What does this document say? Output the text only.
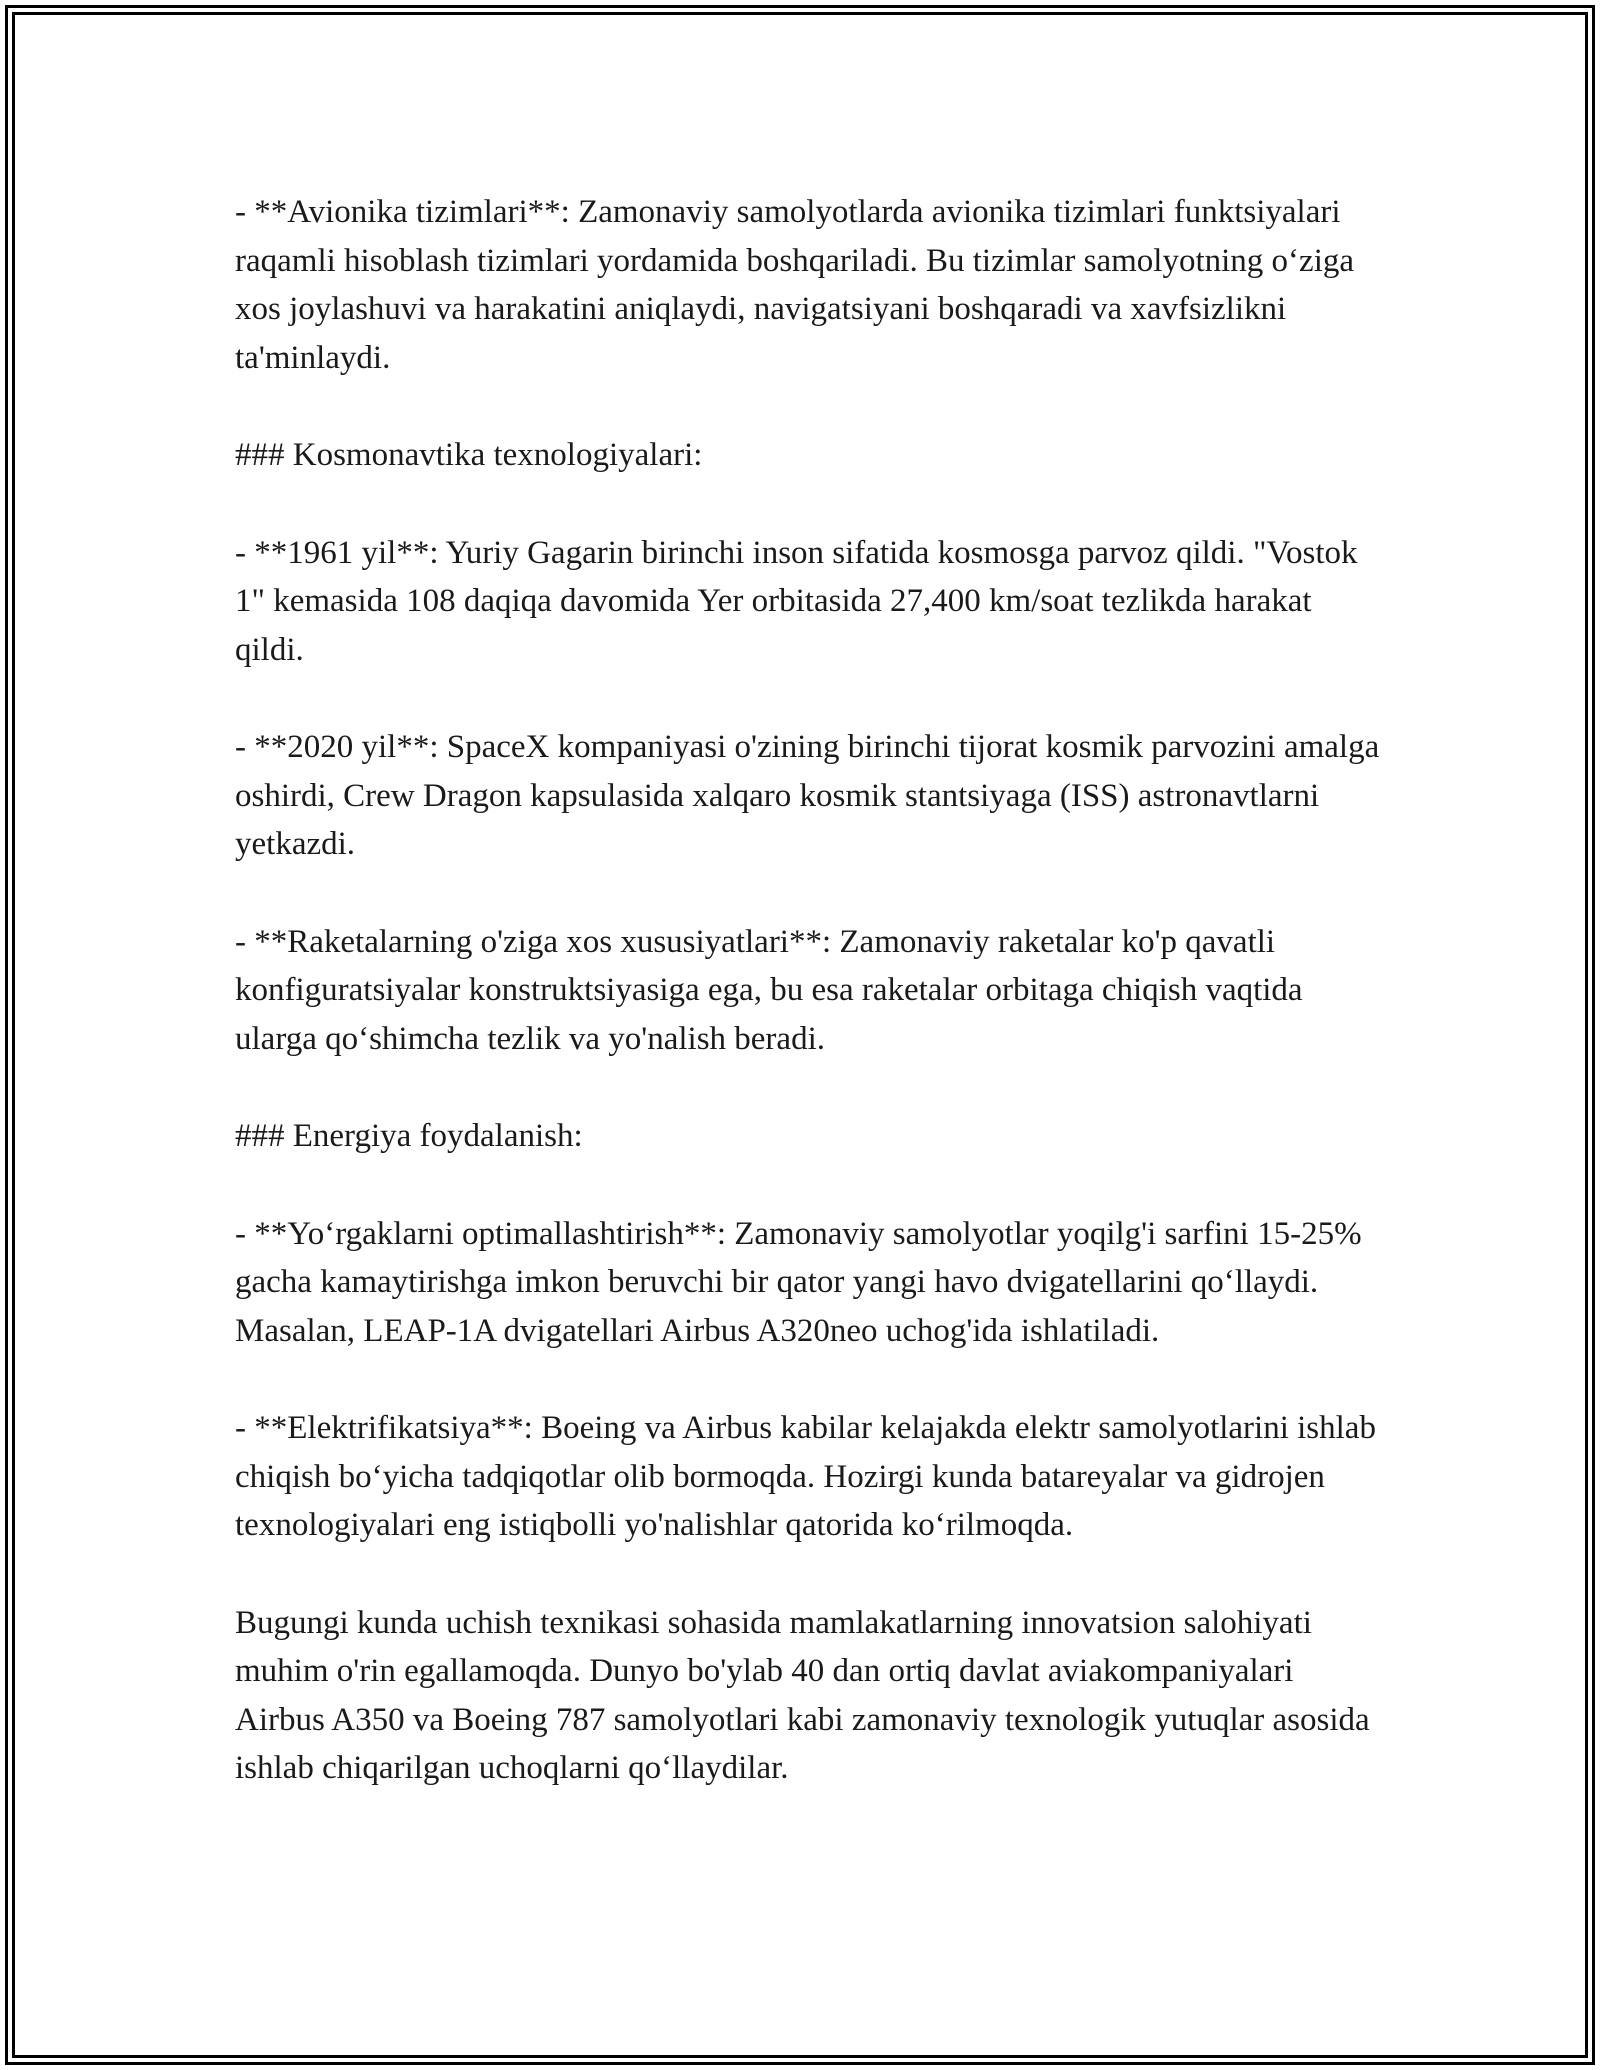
- **Avionika tizimlari**: Zamonaviy samolyotlarda avionika tizimlari funktsiyalari raqamli hisoblash tizimlari yordamida boshqariladi. Bu tizimlar samolyotning o‘ziga xos joylashuvi va harakatini aniqlaydi, navigatsiyani boshqaradi va xavfsizlikni ta'minlaydi.

### Kosmonavtika texnologiyalari:

- **1961 yil**: Yuriy Gagarin birinchi inson sifatida kosmosga parvoz qildi. "Vostok 1" kemasida 108 daqiqa davomida Yer orbitasida 27,400 km/soat tezlikda harakat qildi.

- **2020 yil**: SpaceX kompaniyasi o'zining birinchi tijorat kosmik parvozini amalga oshirdi, Crew Dragon kapsulasida xalqaro kosmik stantsiyaga (ISS) astronavtlarni yetkazdi.

- **Raketalarning o'ziga xos xususiyatlari**: Zamonaviy raketalar ko'p qavatli konfiguratsiyalar konstruktsiyasiga ega, bu esa raketalar orbitaga chiqish vaqtida ularga qo‘shimcha tezlik va yo'nalish beradi.

### Energiya foydalanish:

- **Yo‘rgaklarni optimallashtirish**: Zamonaviy samolyotlar yoqilg'i sarfini 15-25% gacha kamaytirishga imkon beruvchi bir qator yangi havo dvigatellarini qo‘llaydi. Masalan, LEAP-1A dvigatellari Airbus A320neo uchog'ida ishlatiladi.

- **Elektrifikatsiya**: Boeing va Airbus kabilar kelajakda elektr samolyotlarini ishlab chiqish bo‘yicha tadqiqotlar olib bormoqda. Hozirgi kunda batareyalar va gidrojen texnologiyalari eng istiqbolli yo'nalishlar qatorida ko‘rilmoqda.

Bugungi kunda uchish texnikasi sohasida mamlakatlarning innovatsion salohiyati muhim o'rin egallamoqda. Dunyo bo'ylab 40 dan ortiq davlat aviakompaniyalari Airbus A350 va Boeing 787 samolyotlari kabi zamonaviy texnologik yutuqlar asosida ishlab chiqarilgan uchoqlarni qo‘llaydilar.
